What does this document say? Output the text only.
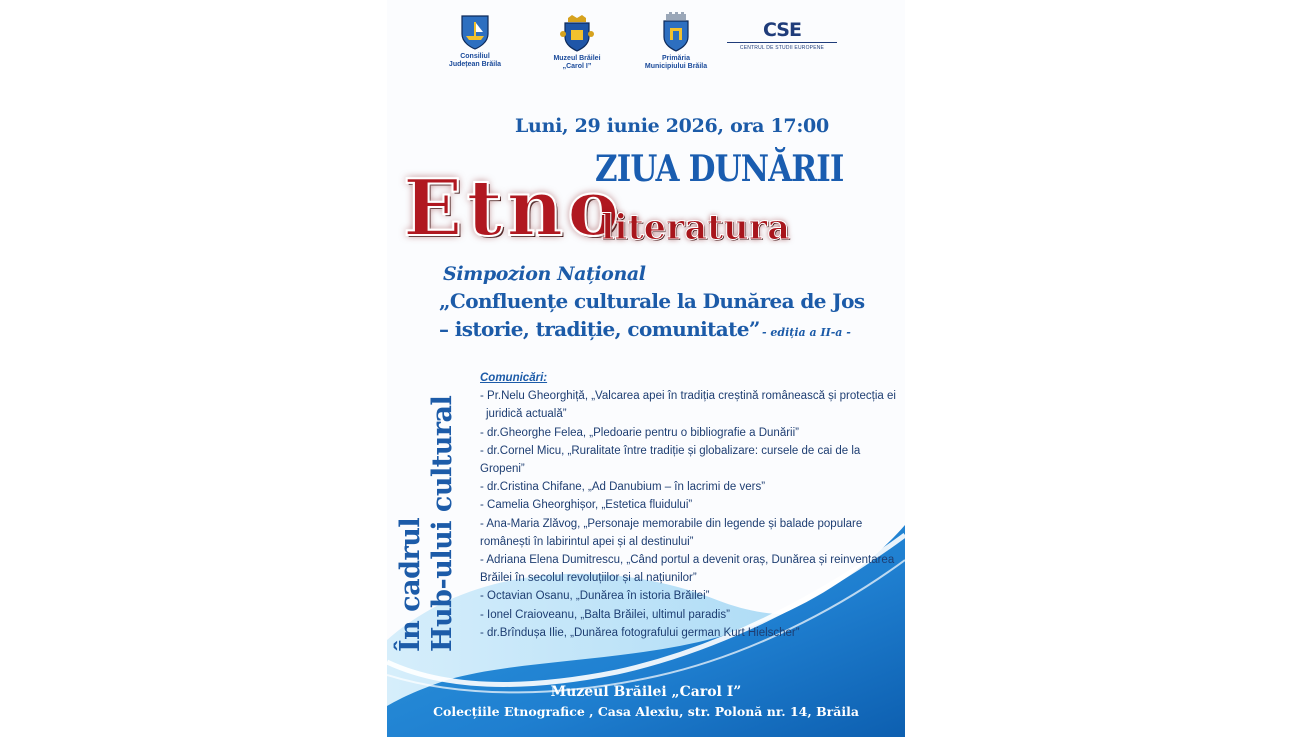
Consiliul
Județean Brăila
Muzeul Brăilei
„Carol I”
Primăria
Municipiului Brăila
CSE
CENTRUL DE STUDII EUROPENE
Luni, 29 iunie 2026, ora 17:00
ZIUA DUNĂRII
Etno
literatura
Simpozion Național
„Confluențe culturale la Dunărea de Jos
– istorie, tradiție, comunitate” - ediția a II-a -
În cadrul Hub-ului cultural
Comunicări:
- Pr.Nelu Gheorghiță, „Valcarea apei în tradiția creștină românească și protecția ei
juridică actuală”
- dr.Gheorghe Felea, „Pledoarie pentru o bibliografie a Dunării”
- dr.Cornel Micu, „Ruralitate între tradiție și globalizare: cursele de cai de la
Gropeni”
- dr.Cristina Chifane, „Ad Danubium – în lacrimi de vers”
- Camelia Gheorghișor, „Estetica fluidului”
- Ana-Maria Zlăvog, „Personaje memorabile din legende și balade populare
românești în labirintul apei și al destinului”
- Adriana Elena Dumitrescu, „Când portul a devenit oraș, Dunărea și reinventarea
Brăilei în secolul revoluțiilor și al națiunilor”
- Octavian Osanu, „Dunărea în istoria Brăilei”
- Ionel Craioveanu, „Balta Brăilei, ultimul paradis”
- dr.Brîndușa Ilie, „Dunărea fotografului german Kurt Hielscher”
Muzeul Brăilei „Carol I”
Colecțiile Etnografice , Casa Alexiu, str. Polonă nr. 14, Brăila
